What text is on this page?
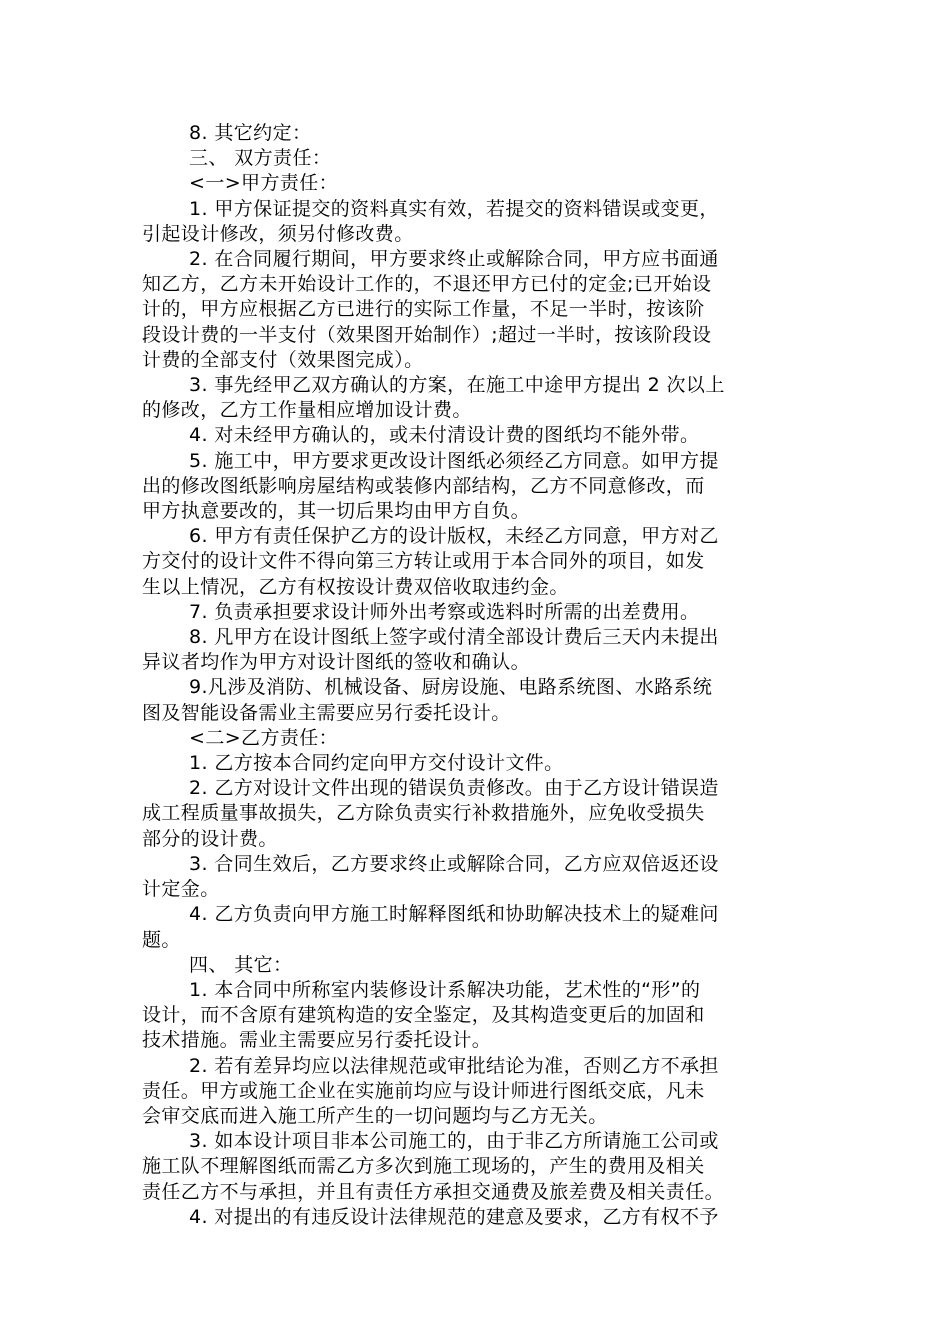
8. 其它约定：
三、 双方责任：
<一>甲方责任：
1. 甲方保证提交的资料真实有效，若提交的资料错误或变更，
引起设计修改，须另付修改费。
2. 在合同履行期间，甲方要求终止或解除合同，甲方应书面通
知乙方，乙方未开始设计工作的，不退还甲方已付的定金;已开始设
计的，甲方应根据乙方已进行的实际工作量，不足一半时，按该阶
段设计费的一半支付（效果图开始制作）;超过一半时，按该阶段设
计费的全部支付（效果图完成）。
3. 事先经甲乙双方确认的方案，在施工中途甲方提出 2 次以上
的修改，乙方工作量相应增加设计费。
4. 对未经甲方确认的，或未付清设计费的图纸均不能外带。
5. 施工中，甲方要求更改设计图纸必须经乙方同意。如甲方提
出的修改图纸影响房屋结构或装修内部结构，乙方不同意修改，而
甲方执意要改的，其一切后果均由甲方自负。
6. 甲方有责任保护乙方的设计版权，未经乙方同意，甲方对乙
方交付的设计文件不得向第三方转让或用于本合同外的项目，如发
生以上情况，乙方有权按设计费双倍收取违约金。
7. 负责承担要求设计师外出考察或选料时所需的出差费用。
8. 凡甲方在设计图纸上签字或付清全部设计费后三天内未提出
异议者均作为甲方对设计图纸的签收和确认。
9.凡涉及消防、机械设备、厨房设施、电路系统图、水路系统
图及智能设备需业主需要应另行委托设计。
<二>乙方责任：
1. 乙方按本合同约定向甲方交付设计文件。
2. 乙方对设计文件出现的错误负责修改。由于乙方设计错误造
成工程质量事故损失，乙方除负责实行补救措施外，应免收受损失
部分的设计费。
3. 合同生效后，乙方要求终止或解除合同，乙方应双倍返还设
计定金。
4. 乙方负责向甲方施工时解释图纸和协助解决技术上的疑难问
题。
四、 其它：
1. 本合同中所称室内装修设计系解决功能，艺术性的“形”的
设计，而不含原有建筑构造的安全鉴定，及其构造变更后的加固和
技术措施。需业主需要应另行委托设计。
2. 若有差异均应以法律规范或审批结论为准，否则乙方不承担
责任。甲方或施工企业在实施前均应与设计师进行图纸交底，凡未
会审交底而进入施工所产生的一切问题均与乙方无关。
3. 如本设计项目非本公司施工的，由于非乙方所请施工公司或
施工队不理解图纸而需乙方多次到施工现场的，产生的费用及相关
责任乙方不与承担，并且有责任方承担交通费及旅差费及相关责任。
4. 对提出的有违反设计法律规范的建意及要求，乙方有权不予
